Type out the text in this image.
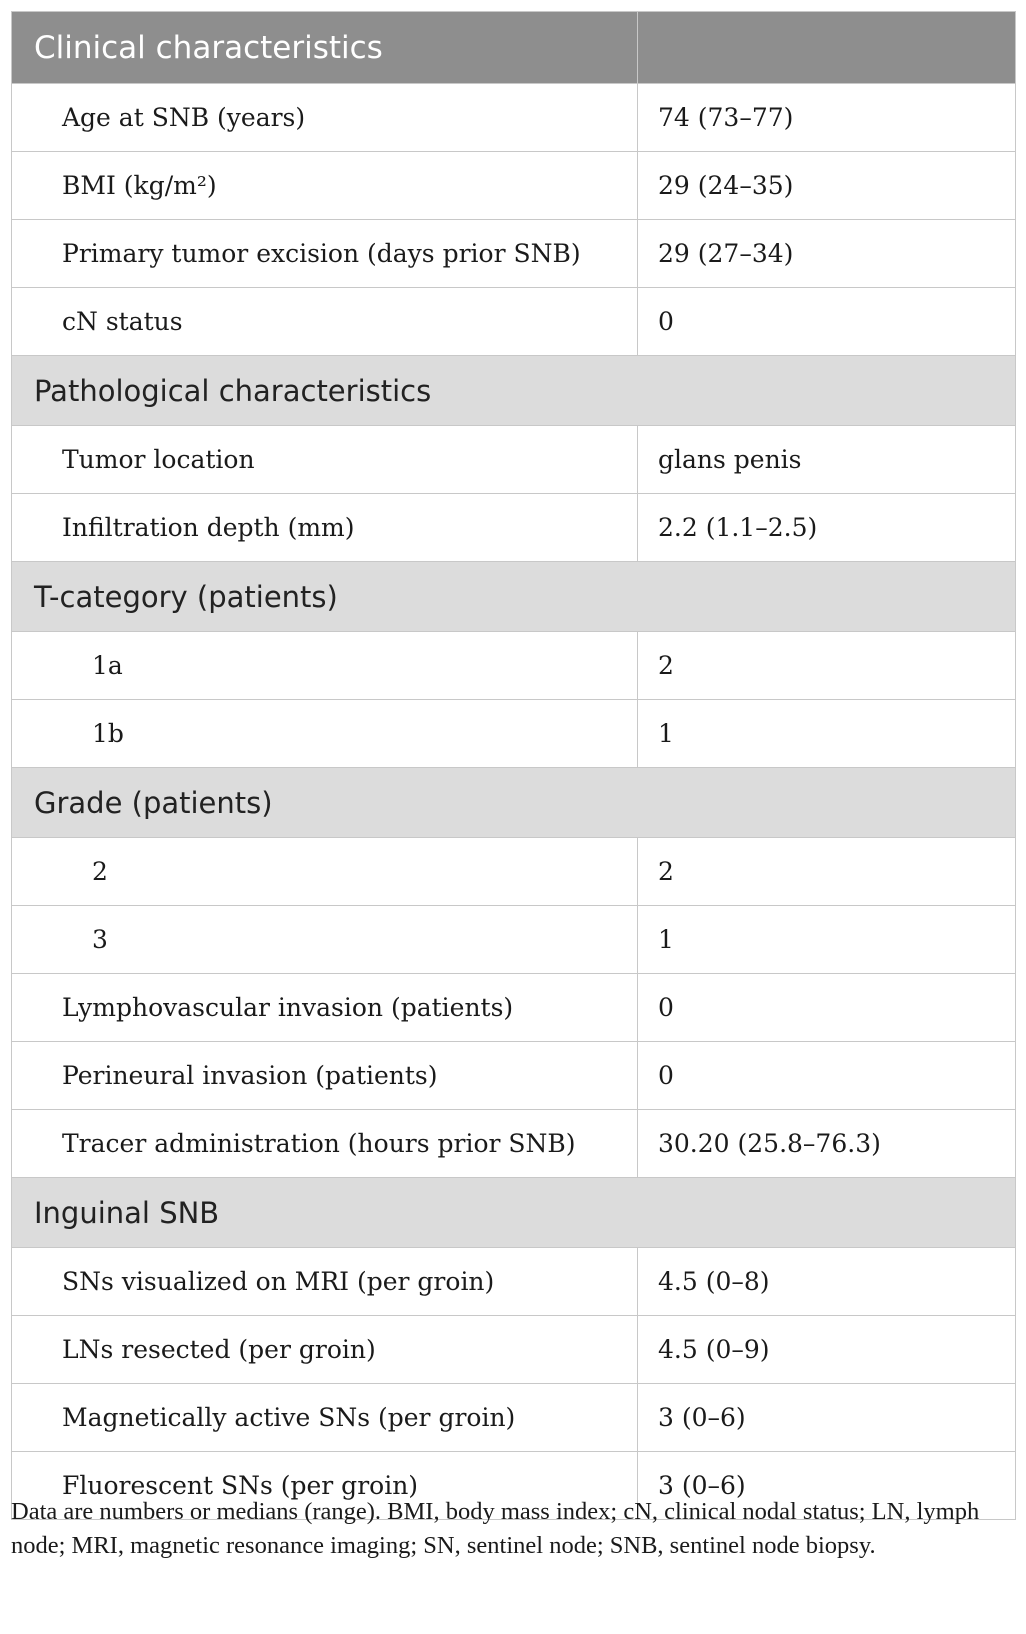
Clinical characteristics	

Age at SNB (years)	74 (73–77)

BMI (kg/m²)	29 (24–35)

Primary tumor excision (days prior SNB)	29 (27–34)

cN status	0

Pathological characteristics	

Tumor location	glans penis

Infiltration depth (mm)	2.2 (1.1–2.5)

T-category (patients)	

1a	2

1b	1

Grade (patients)	

2	2

3	1

Lymphovascular invasion (patients)	0

Perineural invasion (patients)	0

Tracer administration (hours prior SNB)	30.20 (25.8–76.3)

Inguinal SNB	

SNs visualized on MRI (per groin)	4.5 (0–8)

LNs resected (per groin)	4.5 (0–9)

Magnetically active SNs (per groin)	3 (0–6)

Fluorescent SNs (per groin)	3 (0–6)

Data are numbers or medians (range). BMI, body mass index; cN, clinical nodal status; LN, lymph node; MRI, magnetic resonance imaging; SN, sentinel node; SNB, sentinel node biopsy.
